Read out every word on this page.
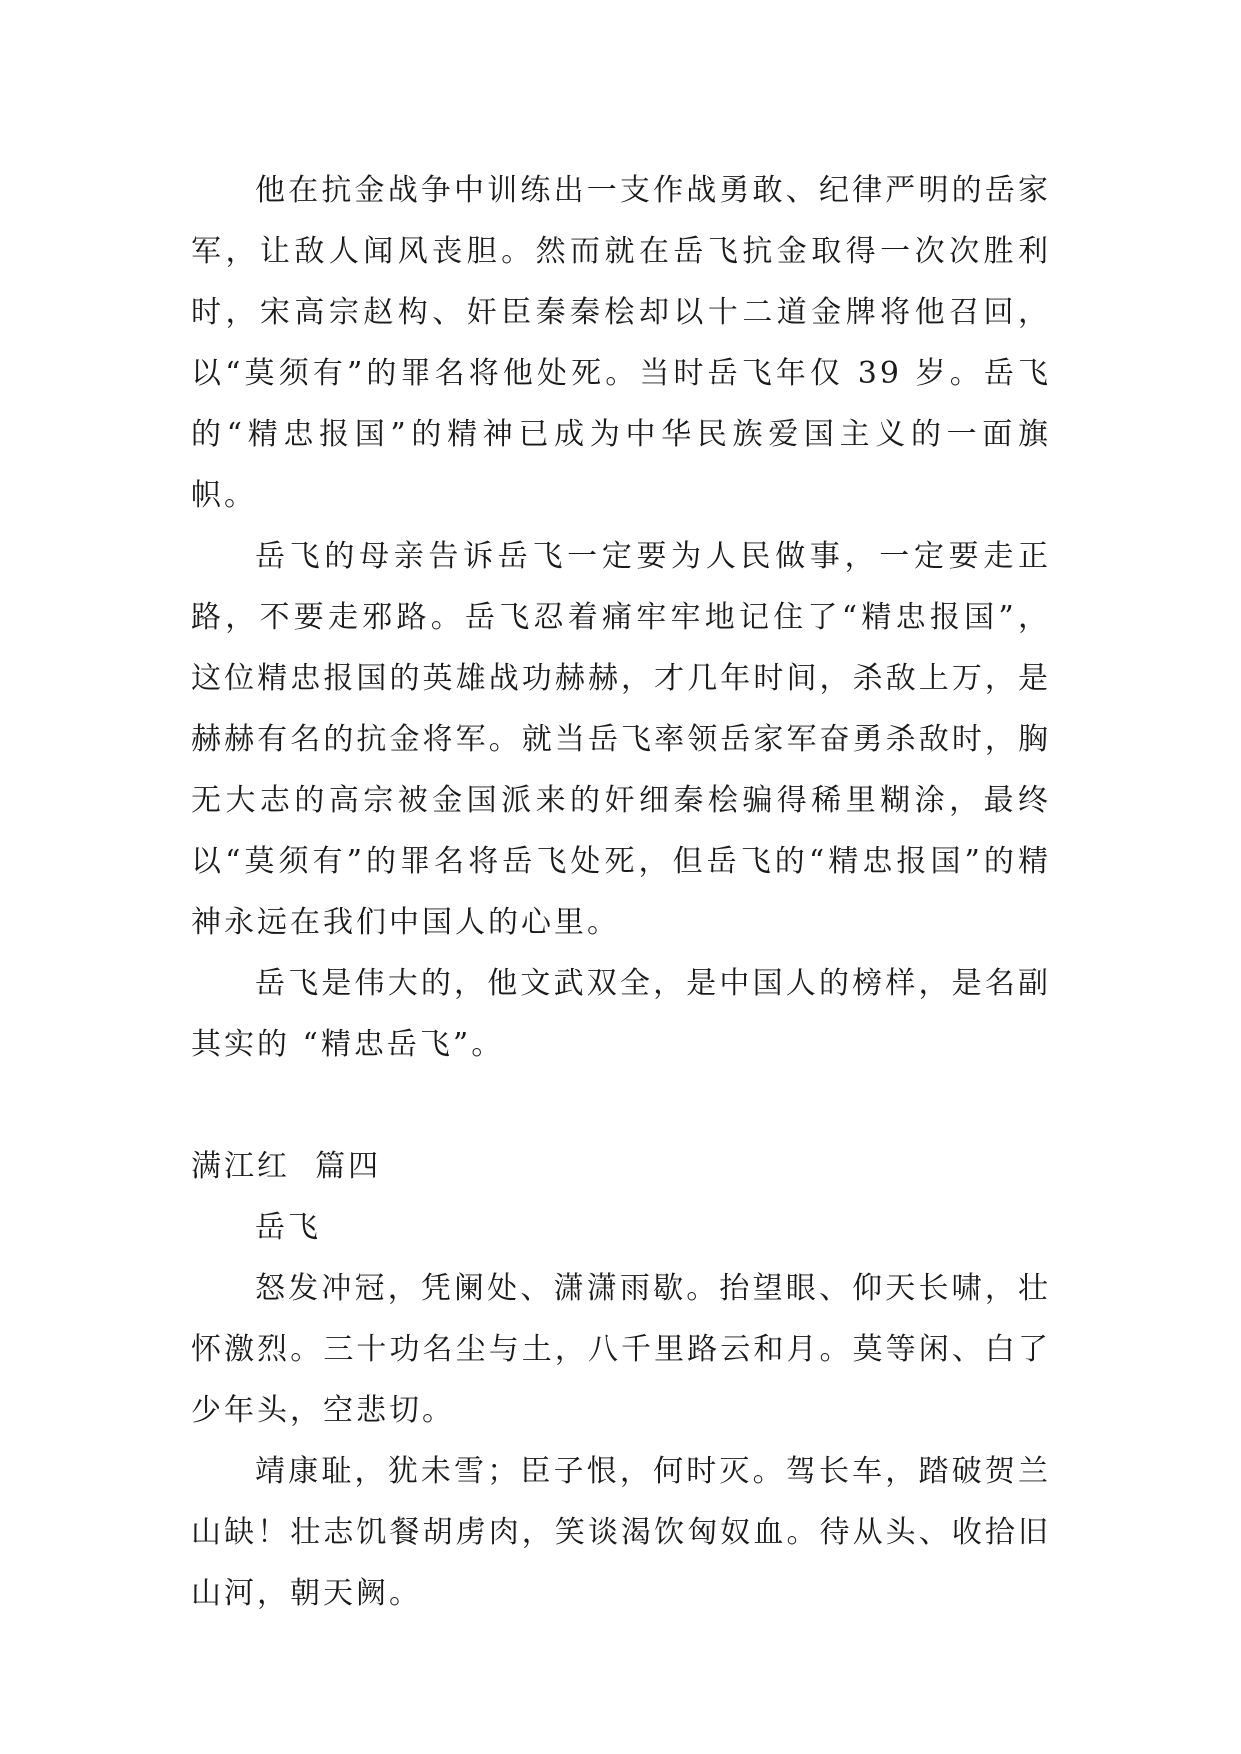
他在抗金战争中训练出一支作战勇敢、纪律严明的岳家军，让敌人闻风丧胆。然而就在岳飞抗金取得一次次胜利时，宋高宗赵构、奸臣秦秦桧却以十二道金牌将他召回，以“莫须有”的罪名将他处死。当时岳飞年仅 39 岁。岳飞的“精忠报国”的精神已成为中华民族爱国主义的一面旗帜。

岳飞的母亲告诉岳飞一定要为人民做事，一定要走正路，不要走邪路。岳飞忍着痛牢牢地记住了“精忠报国”，这位精忠报国的英雄战功赫赫，才几年时间，杀敌上万，是赫赫有名的抗金将军。就当岳飞率领岳家军奋勇杀敌时，胸无大志的高宗被金国派来的奸细秦桧骗得稀里糊涂，最终以“莫须有”的罪名将岳飞处死，但岳飞的“精忠报国”的精神永远在我们中国人的心里。

岳飞是伟大的，他文武双全，是中国人的榜样，是名副其实的 “精忠岳飞”。

满江红  篇四

岳飞

怒发冲冠，凭阑处、潇潇雨歇。抬望眼、仰天长啸，壮怀激烈。三十功名尘与土，八千里路云和月。莫等闲、白了少年头，空悲切。

靖康耻，犹未雪；臣子恨，何时灭。驾长车，踏破贺兰山缺！壮志饥餐胡虏肉，笑谈渴饮匈奴血。待从头、收拾旧山河，朝天阙。
